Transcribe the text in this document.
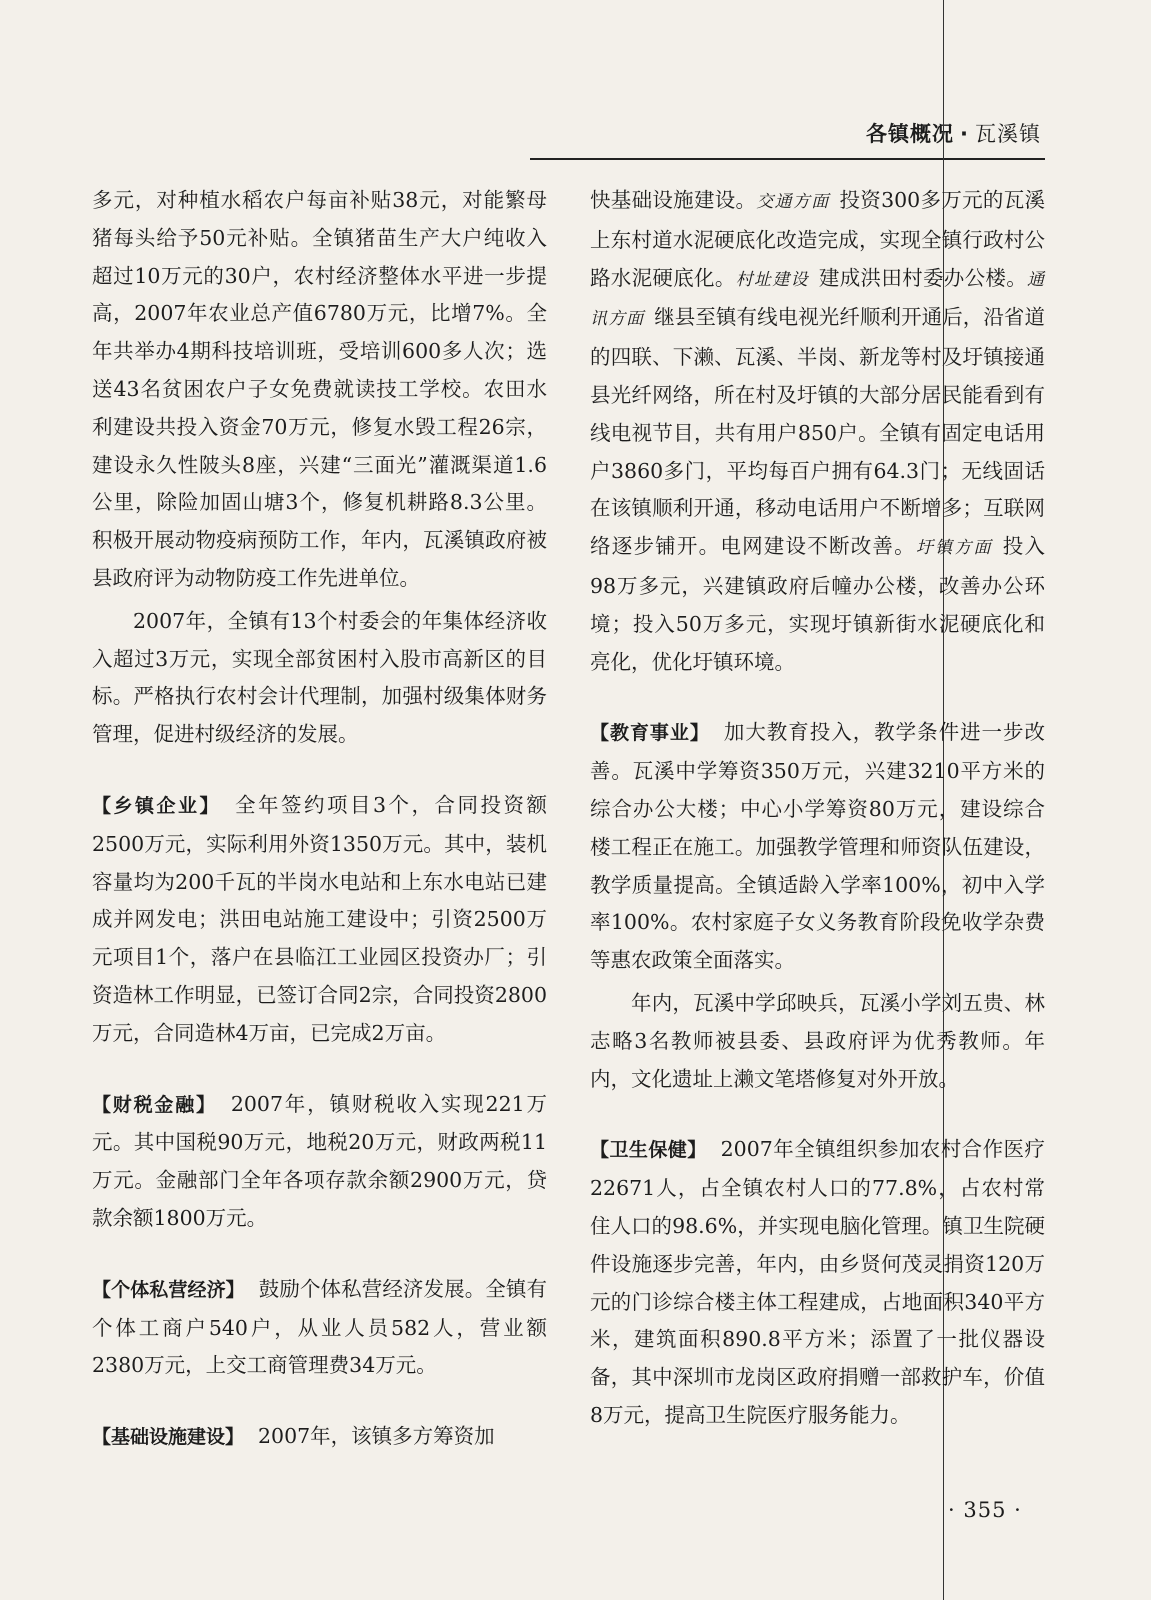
各镇概况 · 瓦溪镇

多元，对种植水稻农户每亩补贴38元，对能繁母猪每头给予50元补贴。全镇猪苗生产大户纯收入超过10万元的30户，农村经济整体水平进一步提高，2007年农业总产值6780万元，比增7%。全年共举办4期科技培训班，受培训600多人次；选送43名贫困农户子女免费就读技工学校。农田水利建设共投入资金70万元，修复水毁工程26宗，建设永久性陂头8座，兴建“三面光”灌溉渠道1.6公里，除险加固山塘3个，修复机耕路8.3公里。积极开展动物疫病预防工作，年内，瓦溪镇政府被县政府评为动物防疫工作先进单位。

2007年，全镇有13个村委会的年集体经济收入超过3万元，实现全部贫困村入股市高新区的目标。严格执行农村会计代理制，加强村级集体财务管理，促进村级经济的发展。

【乡镇企业】 全年签约项目3个，合同投资额2500万元，实际利用外资1350万元。其中，装机容量均为200千瓦的半岗水电站和上东水电站已建成并网发电；洪田电站施工建设中；引资2500万元项目1个，落户在县临江工业园区投资办厂；引资造林工作明显，已签订合同2宗，合同投资2800万元，合同造林4万亩，已完成2万亩。

【财税金融】 2007年，镇财税收入实现221万元。其中国税90万元，地税20万元，财政两税11万元。金融部门全年各项存款余额2900万元，贷款余额1800万元。

【个体私营经济】 鼓励个体私营经济发展。全镇有个体工商户540户，从业人员582人，营业额2380万元，上交工商管理费34万元。

【基础设施建设】 2007年，该镇多方筹资加

快基础设施建设。交通方面 投资300多万元的瓦溪上东村道水泥硬底化改造完成，实现全镇行政村公路水泥硬底化。村址建设 建成洪田村委办公楼。通讯方面 继县至镇有线电视光纤顺利开通后，沿省道的四联、下濑、瓦溪、半岗、新龙等村及圩镇接通县光纤网络，所在村及圩镇的大部分居民能看到有线电视节目，共有用户850户。全镇有固定电话用户3860多门，平均每百户拥有64.3门；无线固话在该镇顺利开通，移动电话用户不断增多；互联网络逐步铺开。电网建设不断改善。圩镇方面 投入98万多元，兴建镇政府后幢办公楼，改善办公环境；投入50万多元，实现圩镇新街水泥硬底化和亮化，优化圩镇环境。

【教育事业】 加大教育投入，教学条件进一步改善。瓦溪中学筹资350万元，兴建3210平方米的综合办公大楼；中心小学筹资80万元，建设综合楼工程正在施工。加强教学管理和师资队伍建设，教学质量提高。全镇适龄入学率100%，初中入学率100%。农村家庭子女义务教育阶段免收学杂费等惠农政策全面落实。

年内，瓦溪中学邱映兵，瓦溪小学刘五贵、林志略3名教师被县委、县政府评为优秀教师。年内，文化遗址上濑文笔塔修复对外开放。

【卫生保健】 2007年全镇组织参加农村合作医疗22671人，占全镇农村人口的77.8%，占农村常住人口的98.6%，并实现电脑化管理。镇卫生院硬件设施逐步完善，年内，由乡贤何茂灵捐资120万元的门诊综合楼主体工程建成，占地面积340平方米，建筑面积890.8平方米；添置了一批仪器设备，其中深圳市龙岗区政府捐赠一部救护车，价值8万元，提高卫生院医疗服务能力。

· 355 ·
